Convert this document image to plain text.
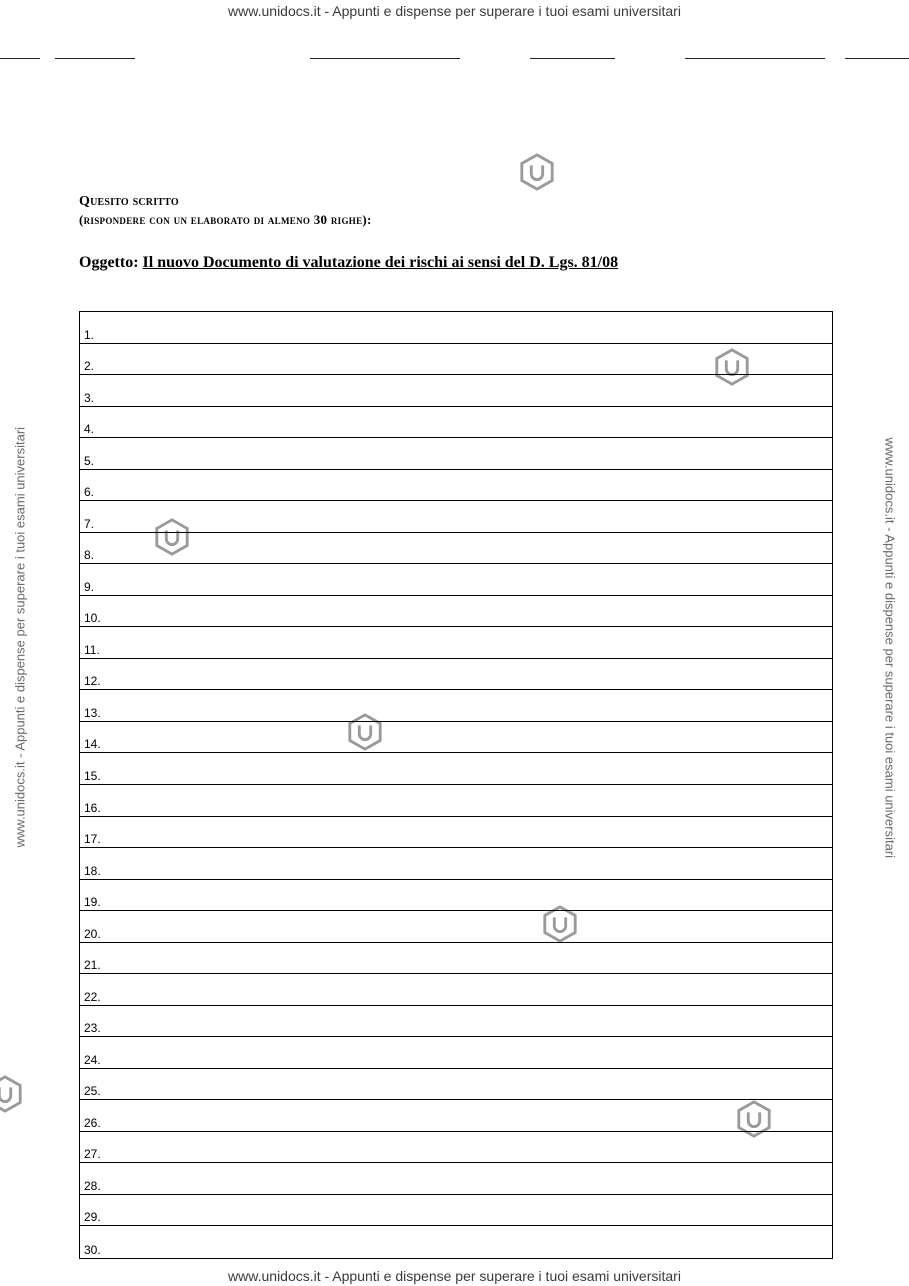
www.unidocs.it - Appunti e dispense per superare i tuoi esami universitari
www.unidocs.it - Appunti e dispense per superare i tuoi esami universitari	www.unidocs.it - Appunti e dispense per superare i tuoi esami universitari
Quesito scritto
(rispondere con un elaborato di almeno 30 righe):
Oggetto: Il nuovo Documento di valutazione dei rischi ai sensi del D. Lgs. 81/08
1.
2.
3.
4.
5.
6.
7.
8.
9.
10.
11.
12.
13.
14.
15.
16.
17.
18.
19.
20.
21.
22.
23.
24.
25.
26.
27.
28.
29.
30.
www.unidocs.it - Appunti e dispense per superare i tuoi esami universitari
